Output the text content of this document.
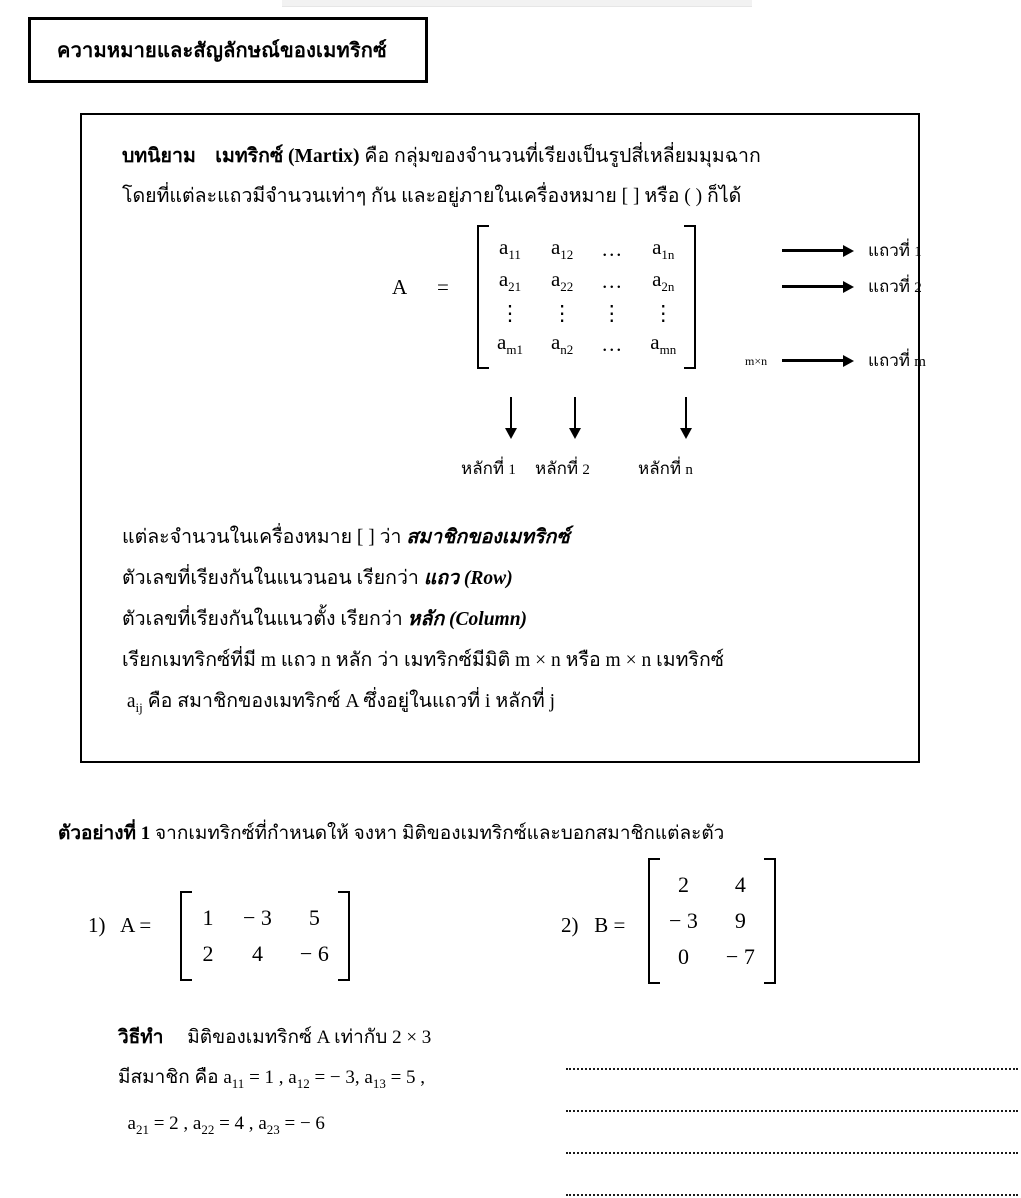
ความหมายและสัญลักษณ์ของเมทริกซ์
บทนิยาม เมทริกซ์ (Martix) คือ กลุ่มของจำนวนที่เรียงเป็นรูปสี่เหลี่ยมมุมฉาก
โดยที่แต่ละแถวมีจำนวนเท่าๆ กัน และอยู่ภายในเครื่องหมาย [ ] หรือ ( ) ก็ได้
A =
$a_{11}$	$a_{12}$	…	$a_{1n}$
$a_{21}$	$a_{22}$	…	$a_{2n}$
⋮	⋮	⋮	⋮
$a_{m1}$	$a_{n2}$	…	$a_{mn}$
m×n
แถวที่ 1
แถวที่ 2
แถวที่ m
หลักที่ 1 หลักที่ 2	หลักที่ n
แต่ละจำนวนในเครื่องหมาย [ ] ว่า สมาชิกของเมทริกซ์
ตัวเลขที่เรียงกันในแนวนอน เรียกว่า แถว (Row)
ตัวเลขที่เรียงกันในแนวตั้ง เรียกว่า หลัก (Column)
เรียกเมทริกซ์ที่มี m แถว n หลัก ว่า เมทริกซ์มีมิติ m × n หรือ m × n เมทริกซ์
$a_{ij}$ คือ สมาชิกของเมทริกซ์ A ซึ่งอยู่ในแถวที่ i หลักที่ j
ตัวอย่างที่ 1 จากเมทริกซ์ที่กำหนดให้ จงหา มิติของเมทริกซ์และบอกสมาชิกแต่ละตัว
1) A = 1	− 3	5
2	4	− 6
2) B =
2	4
− 3	9
0	− 7
วิธีทำ มิติของเมทริกซ์ A เท่ากับ 2 × 3
มีสมาชิก คือ $a_{11} = 1$ , $a_{12}$ = − 3, $a_{13} = 5$ ,
$a_{21} = 2$ , $a_{22} = 4$ , $a_{23}$ = − 6
